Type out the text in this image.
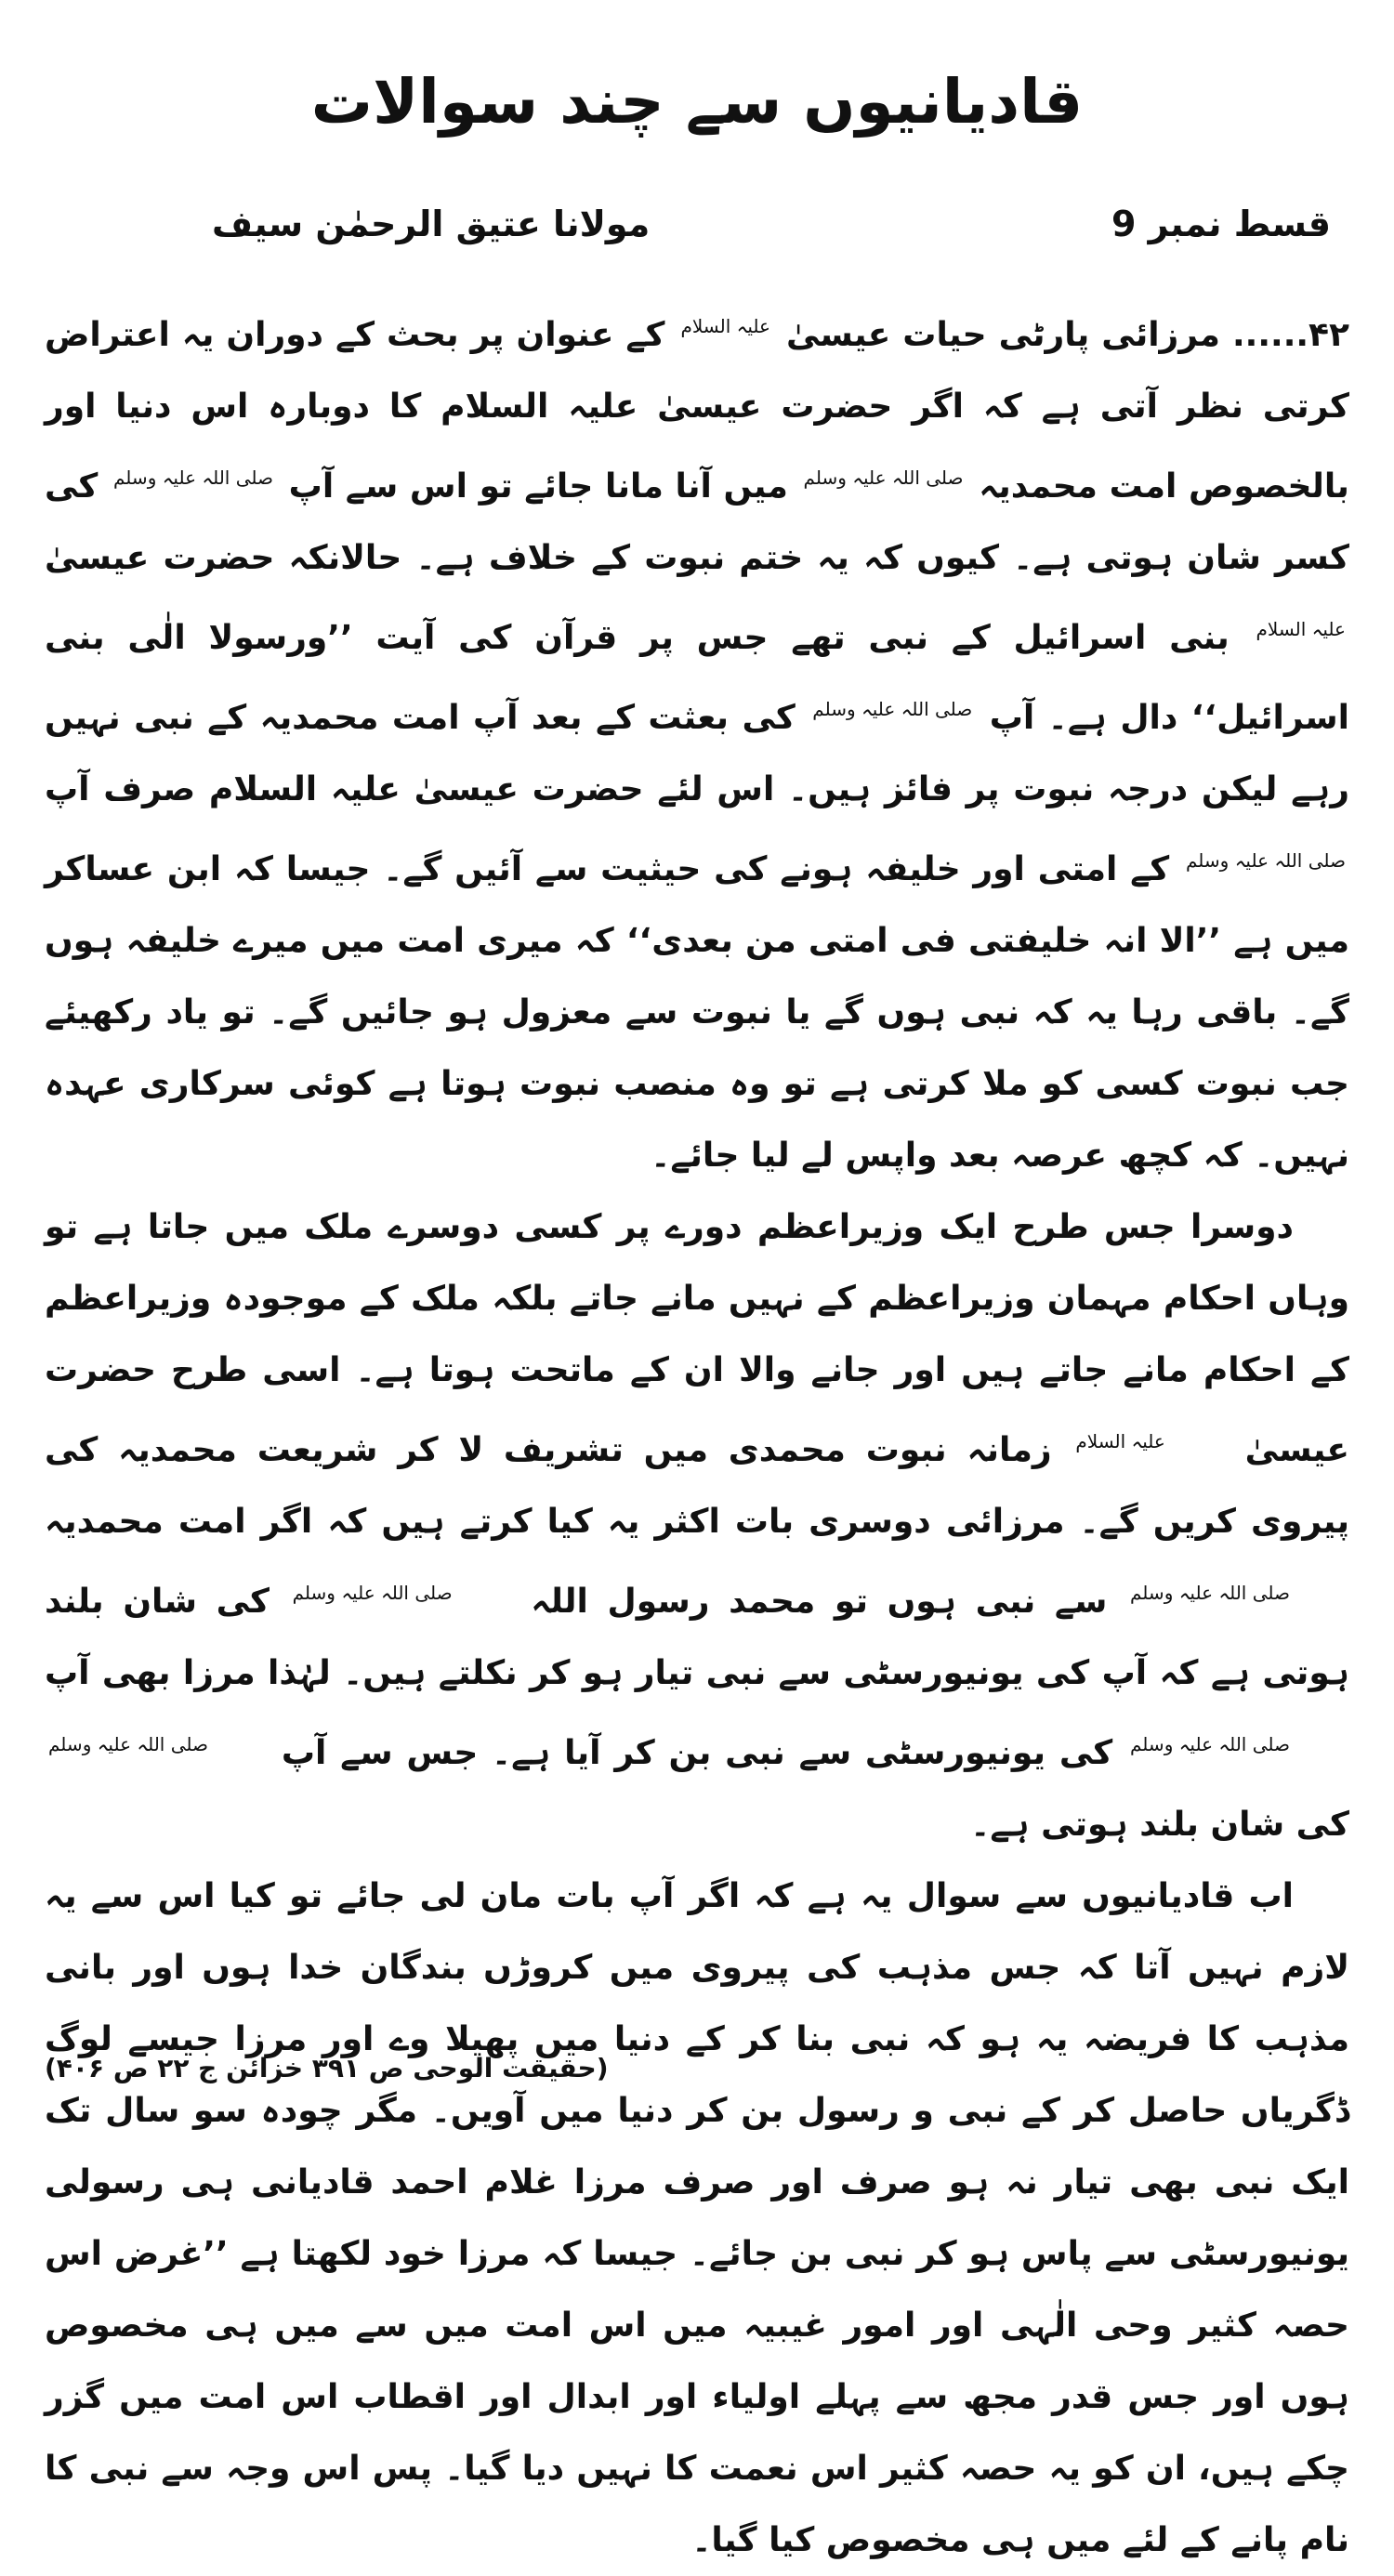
قادیانیوں سے چند سوالات
قسط نمبر 9
مولانا عتیق الرحمٰن سیف

۴۲...... مرزائی پارٹی حیات عیسیٰ علیہ السلام کے عنوان پر بحث کے دوران یہ اعتراض کرتی نظر آتی ہے کہ اگر حضرت عیسیٰ علیہ السلام کا دوبارہ اس دنیا اور بالخصوص امت محمدیہ صلی اللہ علیہ وسلم میں آنا مانا جائے تو اس سے آپ صلی اللہ علیہ وسلم کی کسر شان ہوتی ہے۔ کیوں کہ یہ ختم نبوت کے خلاف ہے۔ حالانکہ حضرت عیسیٰ علیہ السلام بنی اسرائیل کے نبی تھے جس پر قرآن کی آیت ’’ورسولا الٰی بنی اسرائیل‘‘ دال ہے۔ آپ صلی اللہ علیہ وسلم کی بعثت کے بعد آپ امت محمدیہ کے نبی نہیں رہے لیکن درجہ نبوت پر فائز ہیں۔ اس لئے حضرت عیسیٰ علیہ السلام صرف آپ صلی اللہ علیہ وسلم کے امتی اور خلیفہ ہونے کی حیثیت سے آئیں گے۔ جیسا کہ ابن عساکر میں ہے ’’الا انہ خلیفتی فی امتی من بعدی‘‘ کہ میری امت میں میرے خلیفہ ہوں گے۔ باقی رہا یہ کہ نبی ہوں گے یا نبوت سے معزول ہو جائیں گے۔ تو یاد رکھیئے جب نبوت کسی کو ملا کرتی ہے تو وہ منصب نبوت ہوتا ہے کوئی سرکاری عہدہ نہیں۔ کہ کچھ عرصہ بعد واپس لے لیا جائے۔

دوسرا جس طرح ایک وزیراعظم دورے پر کسی دوسرے ملک میں جاتا ہے تو وہاں احکام مہمان وزیراعظم کے نہیں مانے جاتے بلکہ ملک کے موجودہ وزیراعظم کے احکام مانے جاتے ہیں اور جانے والا ان کے ماتحت ہوتا ہے۔ اسی طرح حضرت عیسیٰ علیہ السلام زمانہ نبوت محمدی میں تشریف لا کر شریعت محمدیہ کی پیروی کریں گے۔ مرزائی دوسری بات اکثر یہ کیا کرتے ہیں کہ اگر امت محمدیہ صلی اللہ علیہ وسلم سے نبی ہوں تو محمد رسول اللہ صلی اللہ علیہ وسلم کی شان بلند ہوتی ہے کہ آپ کی یونیورسٹی سے نبی تیار ہو کر نکلتے ہیں۔ لہٰذا مرزا بھی آپ صلی اللہ علیہ وسلم کی یونیورسٹی سے نبی بن کر آیا ہے۔ جس سے آپ صلی اللہ علیہ وسلم کی شان بلند ہوتی ہے۔

اب قادیانیوں سے سوال یہ ہے کہ اگر آپ بات مان لی جائے تو کیا اس سے یہ لازم نہیں آتا کہ جس مذہب کی پیروی میں کروڑں بندگان خدا ہوں اور بانی مذہب کا فریضہ یہ ہو کہ نبی بنا کر کے دنیا میں پھیلا وے اور مرزا جیسے لوگ ڈگریاں حاصل کر کے نبی و رسول بن کر دنیا میں آویں۔ مگر چودہ سو سال تک ایک نبی بھی تیار نہ ہو صرف اور صرف مرزا غلام احمد قادیانی ہی رسولی یونیورسٹی سے پاس ہو کر نبی بن جائے۔ جیسا کہ مرزا خود لکھتا ہے ’’غرض اس حصہ کثیر وحی الٰہی اور امور غیبیہ میں اس امت میں سے میں ہی مخصوص ہوں اور جس قدر مجھ سے پہلے اولیاء اور ابدال اور اقطاب اس امت میں گزر چکے ہیں، ان کو یہ حصہ کثیر اس نعمت کا نہیں دیا گیا۔ پس اس وجہ سے نبی کا نام پانے کے لئے میں ہی مخصوص کیا گیا۔

(حقیقت الوحی ص ۳۹۱ خزائن ج ۲۲ ص ۴۰۶)
